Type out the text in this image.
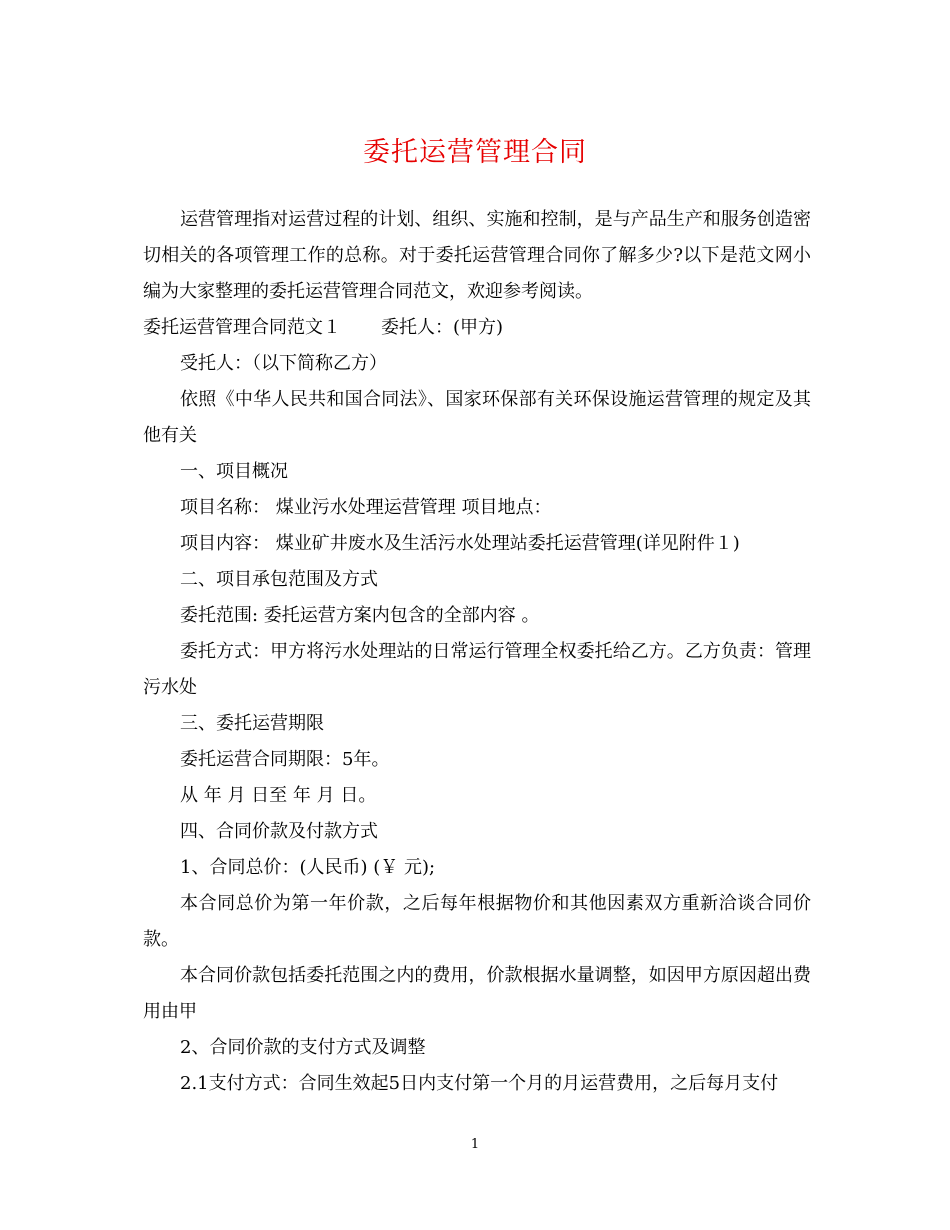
委托运营管理合同

运营管理指对运营过程的计划、组织、实施和控制，是与产品生产和服务创造密切相关的各项管理工作的总称。对于委托运营管理合同你了解多少?以下是范文网小编为大家整理的委托运营管理合同范文，欢迎参考阅读。

委托运营管理合同范文１ 委托人：(甲方)

受托人：（以下简称乙方）

依照《中华人民共和国合同法》、国家环保部有关环保设施运营管理的规定及其他有关

一、项目概况

项目名称： 煤业污水处理运营管理 项目地点：

项目内容： 煤业矿井废水及生活污水处理站委托运营管理(详见附件１)

二、项目承包范围及方式

委托范围: 委托运营方案内包含的全部内容 。

委托方式：甲方将污水处理站的日常运行管理全权委托给乙方。乙方负责：管理污水处

三、委托运营期限

委托运营合同期限：5年。

从 年 月 日至 年 月 日。

四、合同价款及付款方式

1、合同总价：(人民币) (￥ 元);

本合同总价为第一年价款，之后每年根据物价和其他因素双方重新洽谈合同价款。

本合同价款包括委托范围之内的费用，价款根据水量调整，如因甲方原因超出费用由甲

2、合同价款的支付方式及调整

2.1支付方式：合同生效起5日内支付第一个月的月运营费用，之后每月支付

1
